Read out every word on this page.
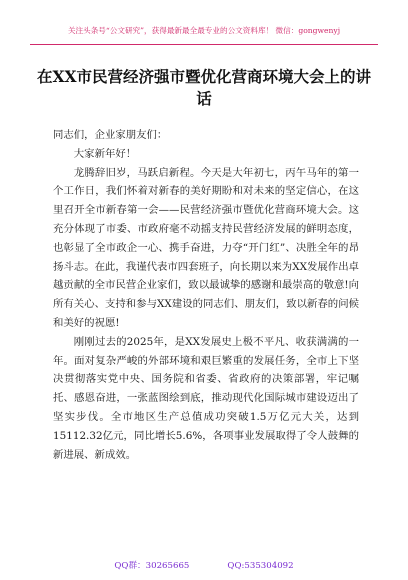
关注头条号“公文研究”，获得最新最全最专业的公文资料库！ 微信：gongwenyj
在XX市民营经济强市暨优化营商环境大会上的讲话

同志们，企业家朋友们：

大家新年好！

龙腾辞旧岁，马跃启新程。今天是大年初七，丙午马年的第一个工作日，我们怀着对新春的美好期盼和对未来的坚定信心，在这里召开全市新春第一会——民营经济强市暨优化营商环境大会。这充分体现了市委、市政府毫不动摇支持民营经济发展的鲜明态度，也彰显了全市政企一心、携手奋进，力夺“开门红”、决胜全年的昂扬斗志。在此，我谨代表市四套班子，向长期以来为XX发展作出卓越贡献的全市民营企业家们，致以最诚挚的感谢和最崇高的敬意!向所有关心、支持和参与XX建设的同志们、朋友们，致以新春的问候和美好的祝愿!

刚刚过去的2025年，是XX发展史上极不平凡、收获满满的一年。面对复杂严峻的外部环境和艰巨繁重的发展任务，全市上下坚决贯彻落实党中央、国务院和省委、省政府的决策部署，牢记嘱托、感恩奋进，一张蓝图绘到底，推动现代化国际城市建设迈出了坚实步伐。全市地区生产总值成功突破1.5万亿元大关，达到15112.32亿元，同比增长5.6%，各项事业发展取得了令人鼓舞的新进展、新成效。

QQ群：30265665	QQ:535304092
